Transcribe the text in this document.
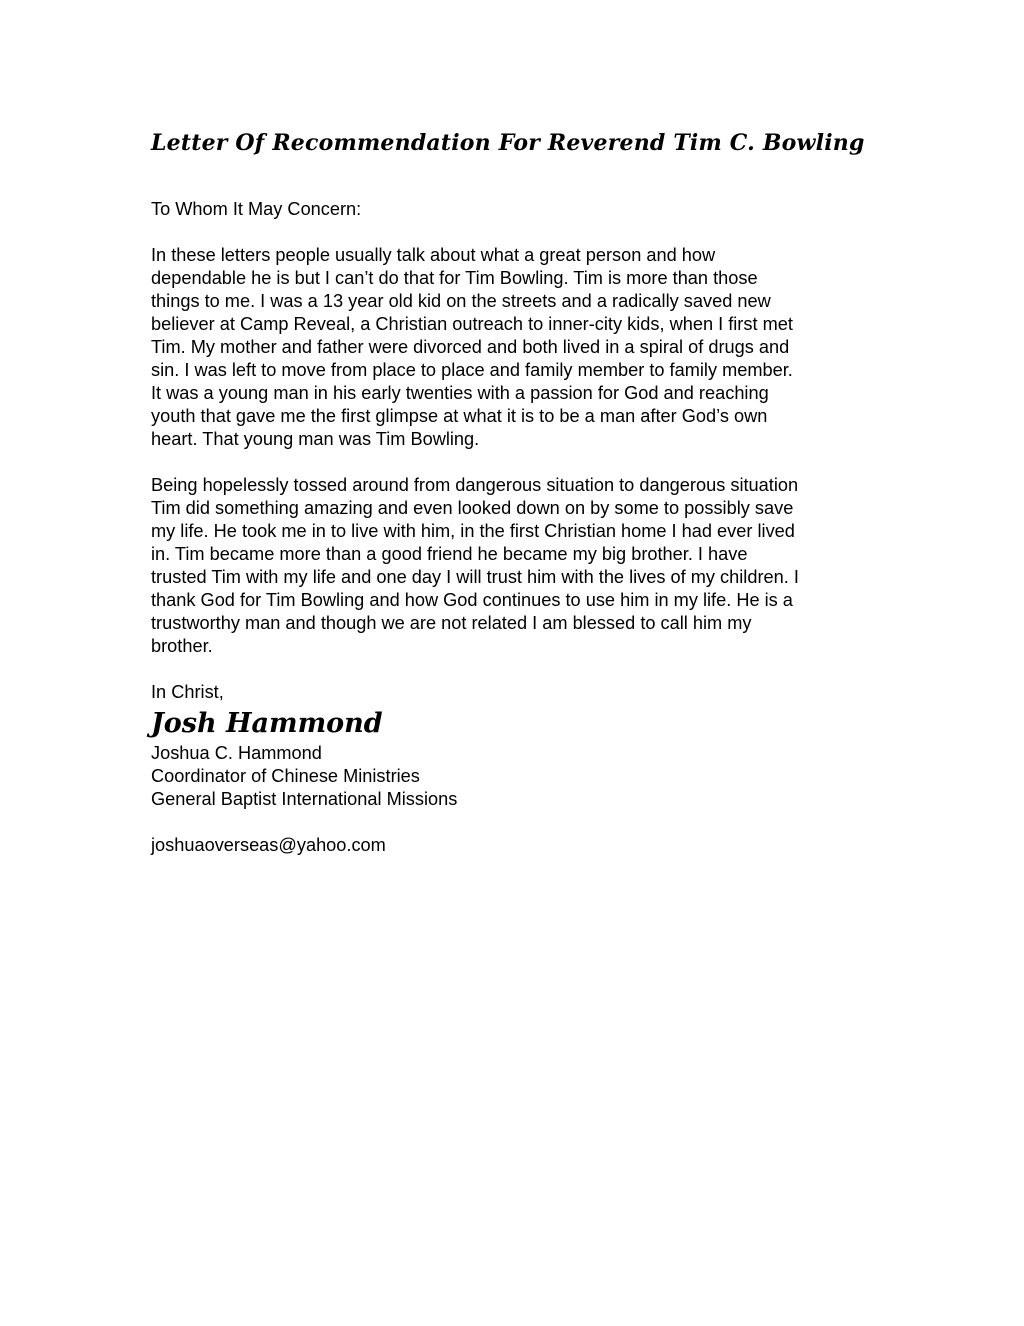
Letter Of Recommendation For Reverend Tim C. Bowling
To Whom It May Concern:
In these letters people usually talk about what a great person and how
dependable he is but I can’t do that for Tim Bowling. Tim is more than those
things to me. I was a 13 year old kid on the streets and a radically saved new
believer at Camp Reveal, a Christian outreach to inner-city kids, when I first met
Tim. My mother and father were divorced and both lived in a spiral of drugs and
sin. I was left to move from place to place and family member to family member.
It was a young man in his early twenties with a passion for God and reaching
youth that gave me the first glimpse at what it is to be a man after God’s own
heart. That young man was Tim Bowling.
Being hopelessly tossed around from dangerous situation to dangerous situation
Tim did something amazing and even looked down on by some to possibly save
my life. He took me in to live with him, in the first Christian home I had ever lived
in. Tim became more than a good friend he became my big brother. I have
trusted Tim with my life and one day I will trust him with the lives of my children. I
thank God for Tim Bowling and how God continues to use him in my life. He is a
trustworthy man and though we are not related I am blessed to call him my
brother.
In Christ,
Josh Hammond
Joshua C. Hammond
Coordinator of Chinese Ministries
General Baptist International Missions
joshuaoverseas@yahoo.com
